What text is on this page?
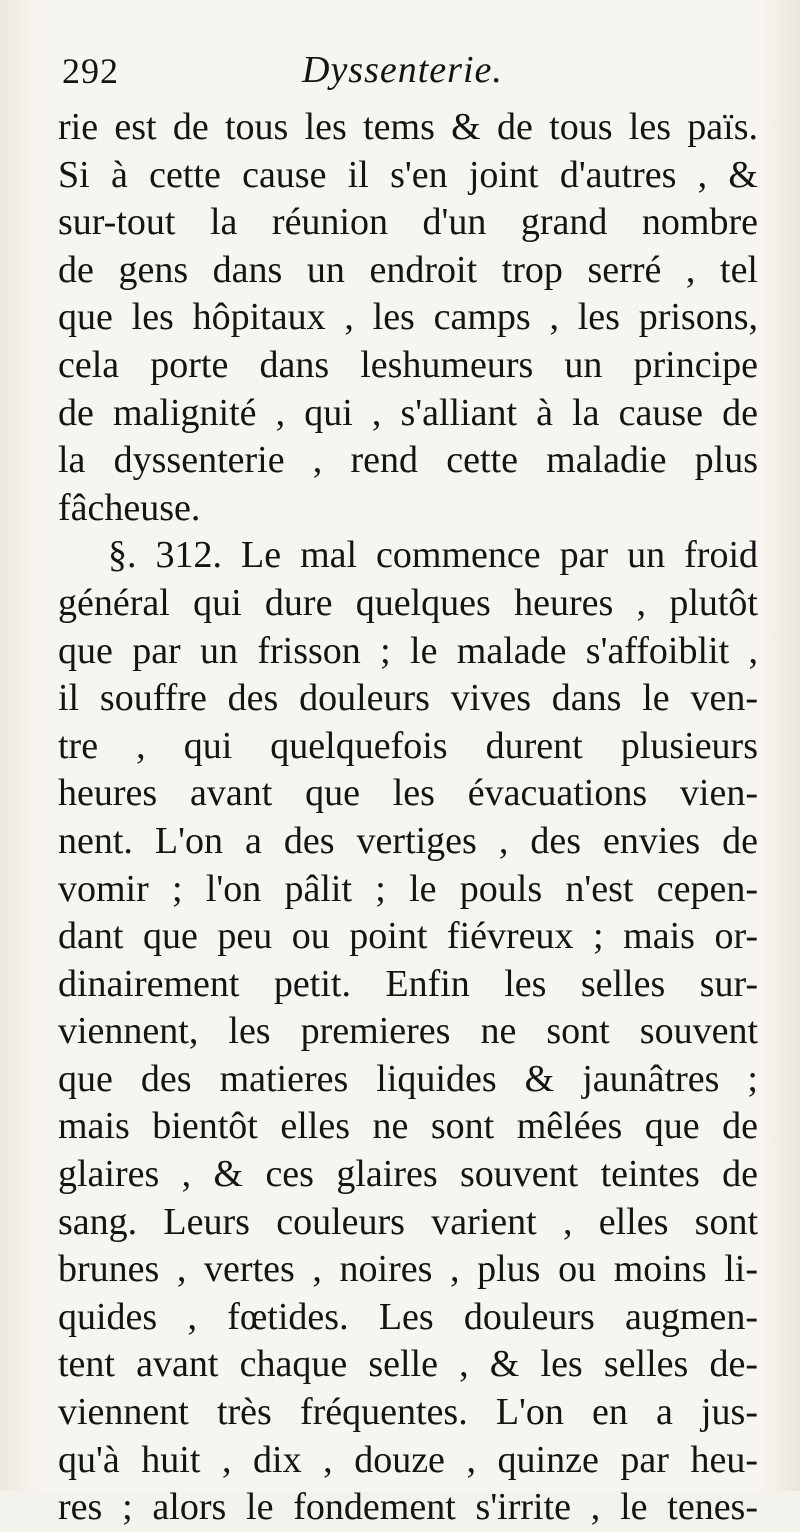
292	Dyssenterie.
rie est de tous les tems & de tous les païs.
Si à cette cause il s'en joint d'autres , &
sur-tout la réunion d'un grand nombre
de gens dans un endroit trop serré , tel
que les hôpitaux , les camps , les prisons,
cela porte dans leshumeurs un principe
de malignité , qui , s'alliant à la cause de
la dyssenterie , rend cette maladie plus
fâcheuse.
§. 312. Le mal commence par un froid
général qui dure quelques heures , plutôt
que par un frisson ; le malade s'affoiblit ,
il souffre des douleurs vives dans le ven-
tre , qui quelquefois durent plusieurs
heures avant que les évacuations vien-
nent. L'on a des vertiges , des envies de
vomir ; l'on pâlit ; le pouls n'est cepen-
dant que peu ou point fiévreux ; mais or-
dinairement petit. Enfin les selles sur-
viennent, les premieres ne sont souvent
que des matieres liquides & jaunâtres ;
mais bientôt elles ne sont mêlées que de
glaires , & ces glaires souvent teintes de
sang. Leurs couleurs varient , elles sont
brunes , vertes , noires , plus ou moins li-
quides , fœtides. Les douleurs augmen-
tent avant chaque selle , & les selles de-
viennent très fréquentes. L'on en a jus-
qu'à huit , dix , douze , quinze par heu-
res ; alors le fondement s'irrite , le tenes-
